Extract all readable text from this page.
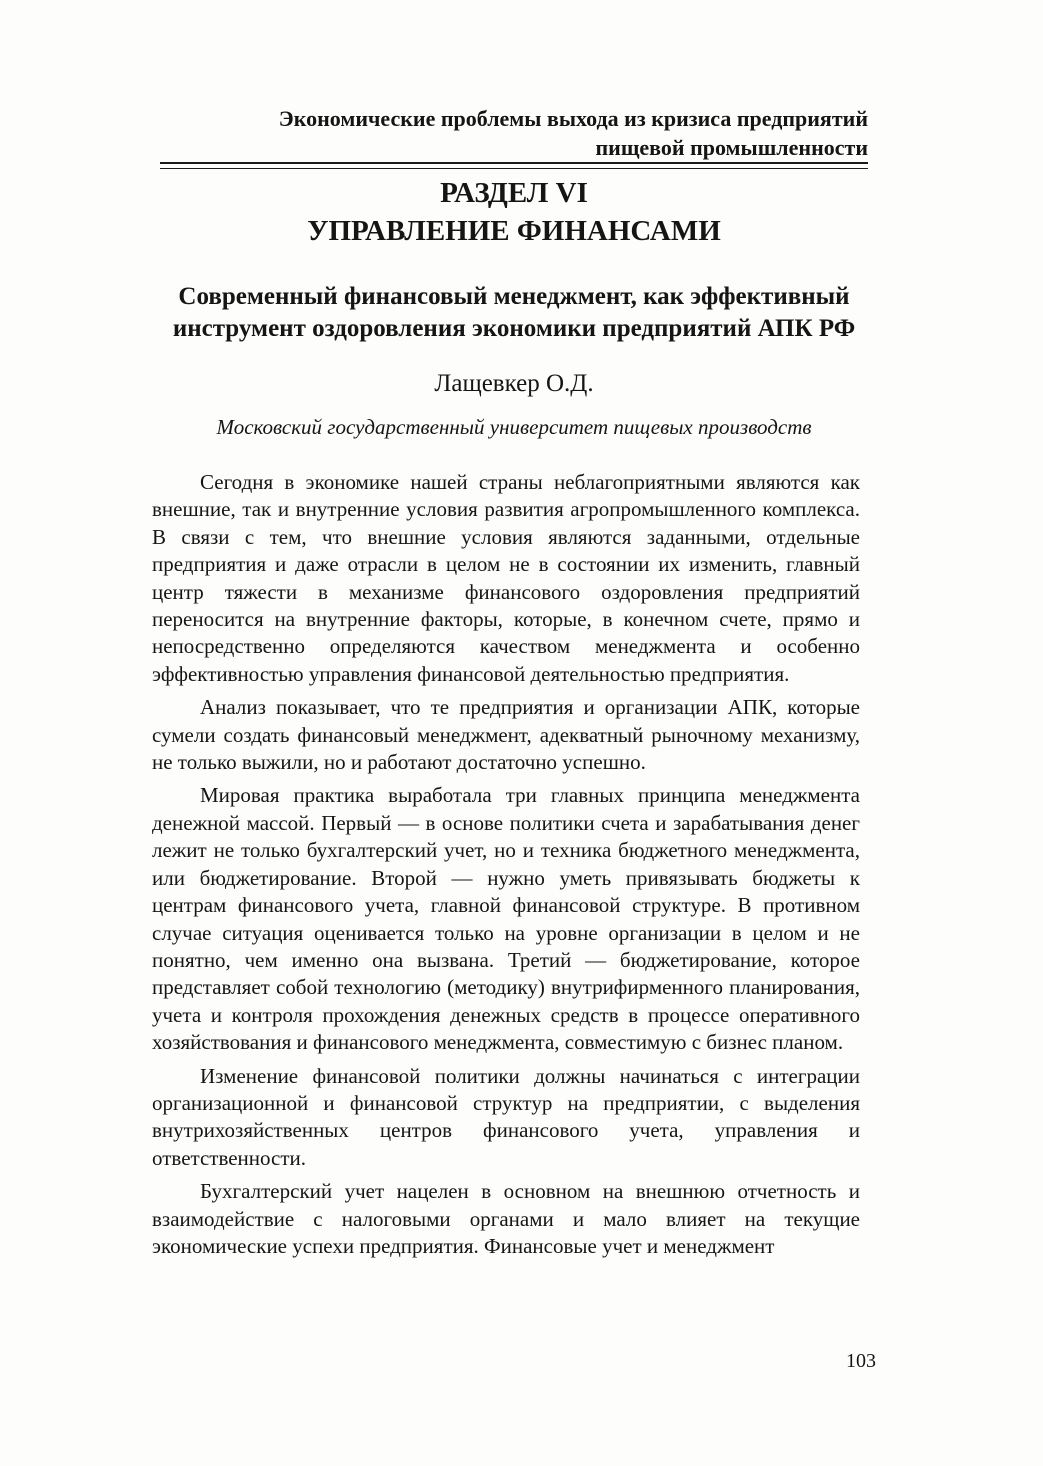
Экономические проблемы выхода из кризиса предприятий
пищевой промышленности
РАЗДЕЛ VI
УПРАВЛЕНИЕ ФИНАНСАМИ
Современный финансовый менеджмент, как эффективный
инструмент оздоровления экономики предприятий АПК РФ
Лащевкер О.Д.
Московский государственный университет пищевых производств

Сегодня в экономике нашей страны неблагоприятными являются как внешние, так и внутренние условия развития агропромышленного комплекса. В связи с тем, что внешние условия являются заданными, отдельные предприятия и даже отрасли в целом не в состоянии их изменить, главный центр тяжести в механизме финансового оздоровления предприятий переносится на внутренние факторы, которые, в конечном счете, прямо и непосредственно определяются качеством менеджмента и особенно эффективностью управления финансовой деятельностью предприятия.

Анализ показывает, что те предприятия и организации АПК, которые сумели создать финансовый менеджмент, адекватный рыночному механизму, не только выжили, но и работают достаточно успешно.

Мировая практика выработала три главных принципа менеджмента денежной массой. Первый — в основе политики счета и зарабатывания денег лежит не только бухгалтерский учет, но и техника бюджетного менеджмента, или бюджетирование. Второй — нужно уметь привязывать бюджеты к центрам финансового учета, главной финансовой структуре. В противном случае ситуация оценивается только на уровне организации в целом и не понятно, чем именно она вызвана. Третий — бюджетирование, которое представляет собой технологию (методику) внутрифирменного планирования, учета и контроля прохождения денежных средств в процессе оперативного хозяйствования и финансового менеджмента, совместимую с бизнес планом.

Изменение финансовой политики должны начинаться с интеграции организационной и финансовой структур на предприятии, с выделения внутрихозяйственных центров финансового учета, управления и ответственности.

Бухгалтерский учет нацелен в основном на внешнюю отчетность и взаимодействие с налоговыми органами и мало влияет на текущие экономические успехи предприятия. Финансовые учет и менеджмент

103
